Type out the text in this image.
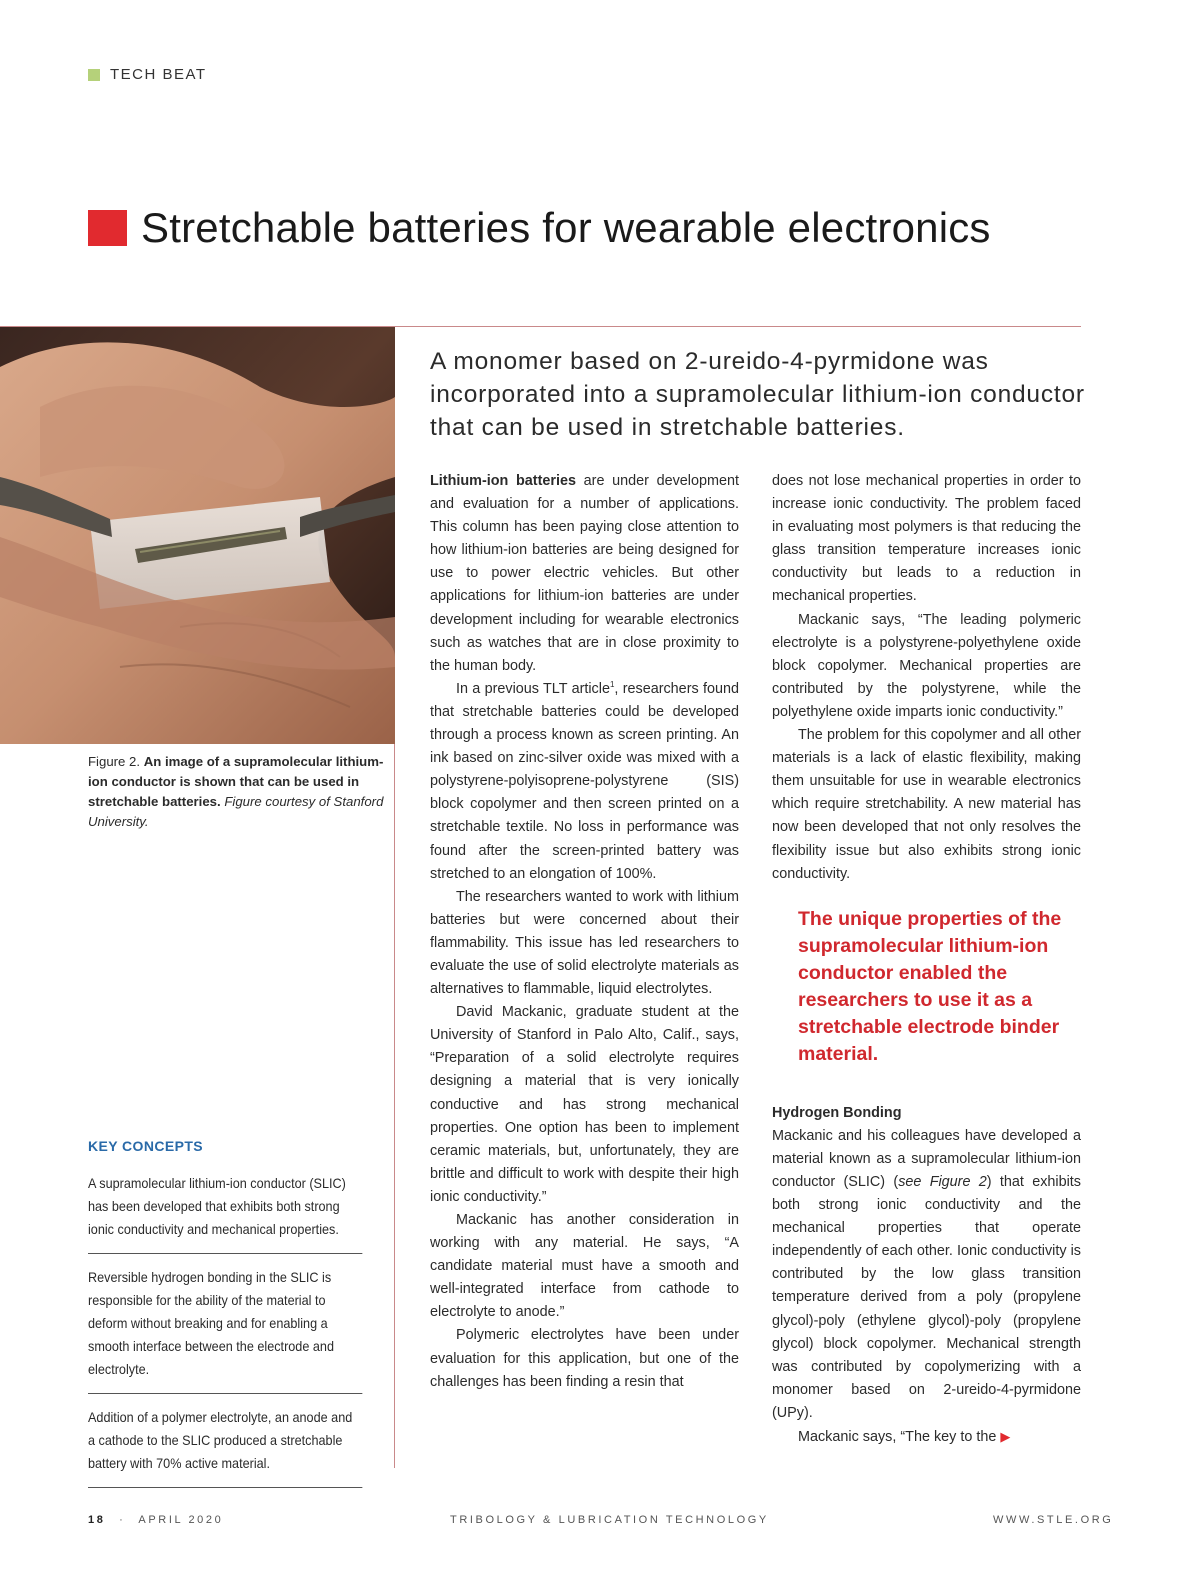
TECH BEAT
Stretchable batteries for wearable electronics
Figure 2. An image of a supramolecular lithium-ion conductor is shown that can be used in stretchable batteries. Figure courtesy of Stanford University.
KEY CONCEPTS
A supramolecular lithium-ion conductor (SLIC) has been developed that exhibits both strong ionic conductivity and mechanical properties.
Reversible hydrogen bonding in the SLIC is responsible for the ability of the material to deform without breaking and for enabling a smooth interface between the electrode and electrolyte.
Addition of a polymer electrolyte, an anode and a cathode to the SLIC produced a stretchable battery with 70% active material.
A monomer based on 2-ureido-4-pyrmidone was incorporated into a supramolecular lithium-ion conductor that can be used in stretchable batteries.

Lithium-ion batteries are under development and evaluation for a number of applications. This column has been paying close attention to how lithium-ion batteries are being designed for use to power electric vehicles. But other applications for lithium-ion batteries are under development including for wearable electronics such as watches that are in close proximity to the human body.

In a previous TLT article$^1$, researchers found that stretchable batteries could be developed through a process known as screen printing. An ink based on zinc-silver oxide was mixed with a polystyrene-polyisoprene-polystyrene (SIS) block copolymer and then screen printed on a stretchable textile. No loss in performance was found after the screen-printed battery was stretched to an elongation of 100%.

The researchers wanted to work with lithium batteries but were concerned about their flammability. This issue has led researchers to evaluate the use of solid electrolyte materials as alternatives to flammable, liquid electrolytes.

David Mackanic, graduate student at the University of Stanford in Palo Alto, Calif., says, “Preparation of a solid electrolyte requires designing a material that is very ionically conductive and has strong mechanical properties. One option has been to implement ceramic materials, but, unfortunately, they are brittle and difficult to work with despite their high ionic conductivity.”

Mackanic has another consideration in working with any material. He says, “A candidate material must have a smooth and well-integrated interface from cathode to electrolyte to anode.”

Polymeric electrolytes have been under evaluation for this application, but one of the challenges has been finding a resin that

does not lose mechanical properties in order to increase ionic conductivity. The problem faced in evaluating most polymers is that reducing the glass transition temperature increases ionic conductivity but leads to a reduction in mechanical properties.

Mackanic says, “The leading polymeric electrolyte is a polystyrene-polyethylene oxide block copolymer. Mechanical properties are contributed by the polystyrene, while the polyethylene oxide imparts ionic conductivity.”

The problem for this copolymer and all other materials is a lack of elastic flexibility, making them unsuitable for use in wearable electronics which require stretchability. A new material has now been developed that not only resolves the flexibility issue but also exhibits strong ionic conductivity.

The unique properties of the supramolecular lithium-ion conductor enabled the researchers to use it as a stretchable electrode binder material.

Hydrogen Bonding

Mackanic and his colleagues have developed a material known as a supramolecular lithium-ion conductor (SLIC) (see Figure 2) that exhibits both strong ionic conductivity and the mechanical properties that operate independently of each other. Ionic conductivity is contributed by the low glass transition temperature derived from a poly (propylene glycol)-poly (ethylene glycol)-poly (propylene glycol) block copolymer. Mechanical strength was contributed by copolymerizing with a monomer based on 2-ureido-4-pyrmidone (UPy).

Mackanic says, “The key to the ▶

18 · APRIL 2020	TRIBOLOGY & LUBRICATION TECHNOLOGY	WWW.STLE.ORG
